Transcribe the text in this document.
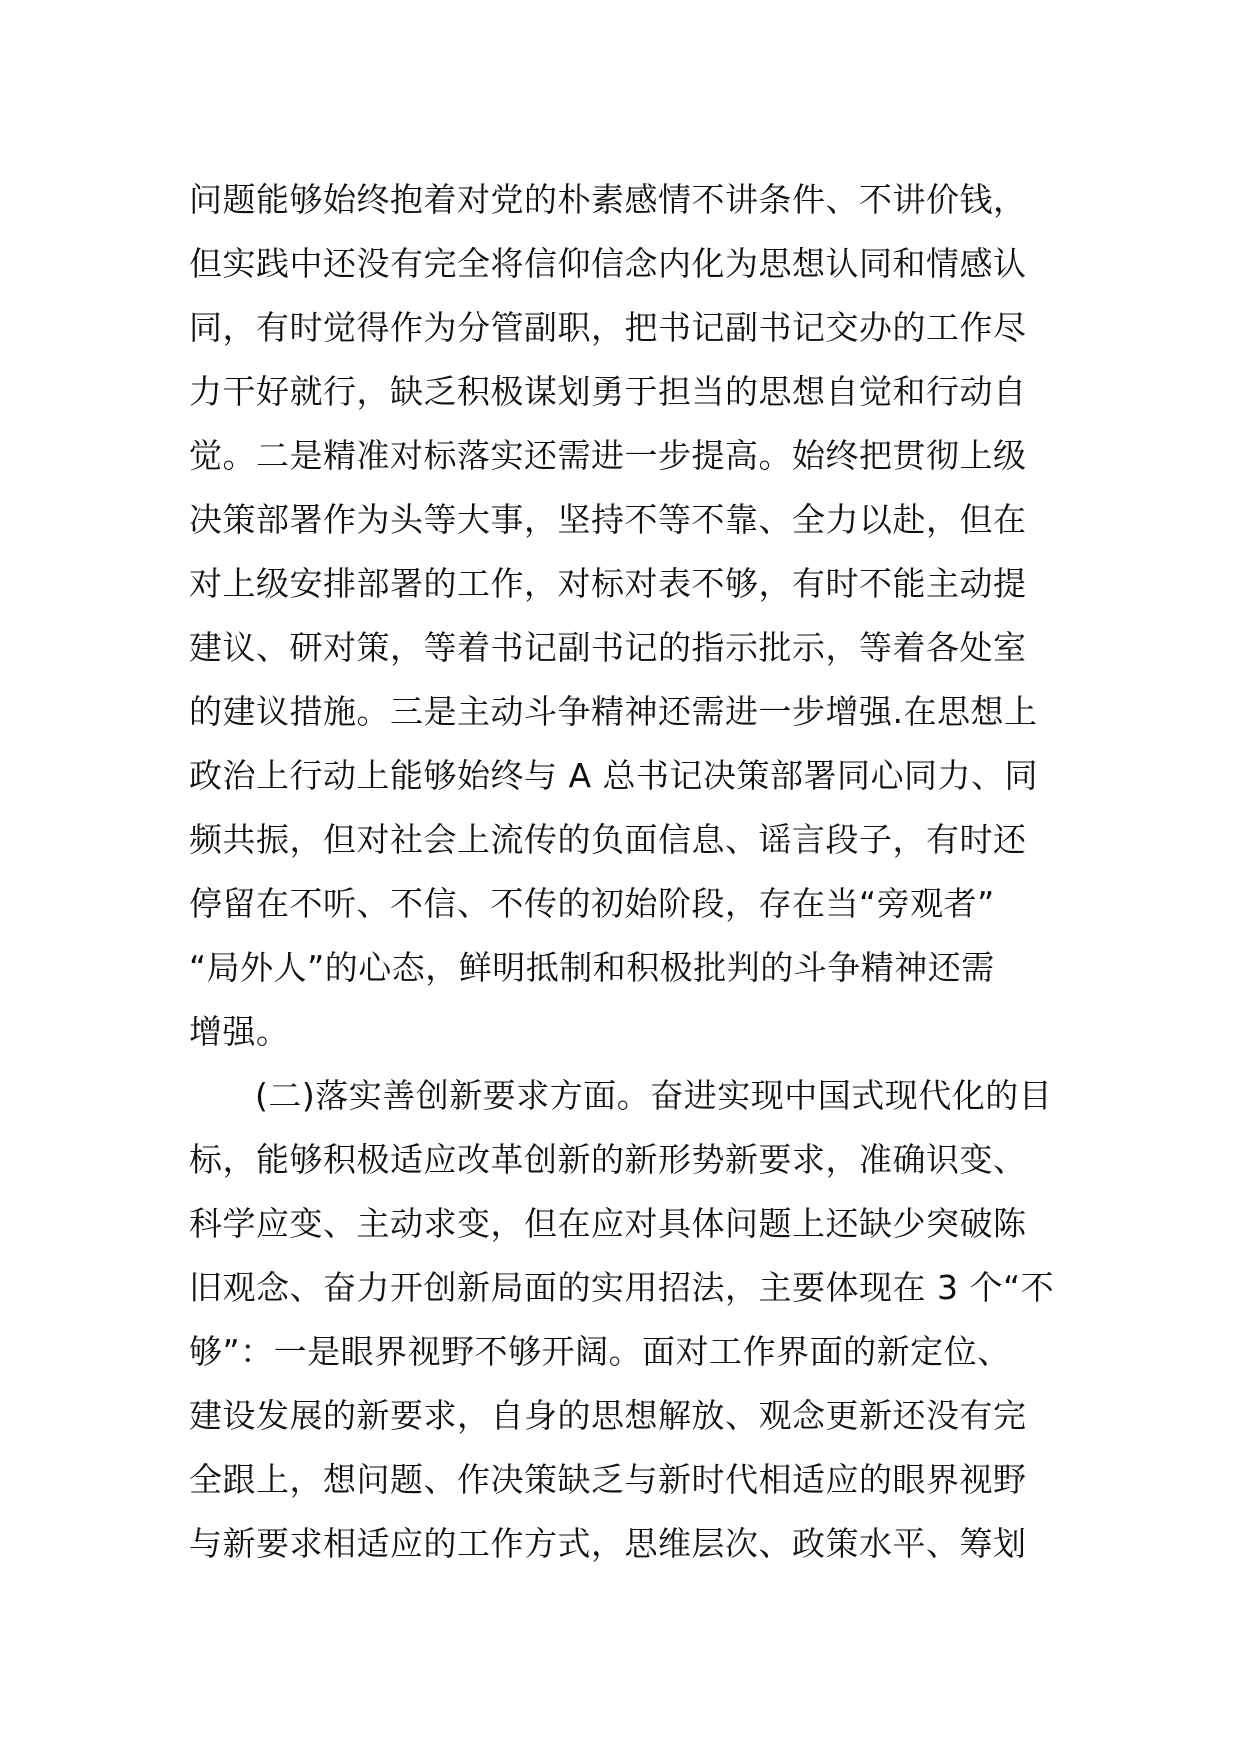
问题能够始终抱着对党的朴素感情不讲条件、不讲价钱，
但实践中还没有完全将信仰信念内化为思想认同和情感认
同，有时觉得作为分管副职，把书记副书记交办的工作尽
力干好就行，缺乏积极谋划勇于担当的思想自觉和行动自
觉。二是精准对标落实还需进一步提高。始终把贯彻上级
决策部署作为头等大事，坚持不等不靠、全力以赴，但在
对上级安排部署的工作，对标对表不够，有时不能主动提
建议、研对策，等着书记副书记的指示批示，等着各处室
的建议措施。三是主动斗争精神还需进一步增强.在思想上
政治上行动上能够始终与 A 总书记决策部署同心同力、同
频共振，但对社会上流传的负面信息、谣言段子，有时还
停留在不听、不信、不传的初始阶段，存在当“旁观者”
“局外人”的心态，鲜明抵制和积极批判的斗争精神还需
增强。
(二)落实善创新要求方面。奋进实现中国式现代化的目
标，能够积极适应改革创新的新形势新要求，准确识变、
科学应变、主动求变，但在应对具体问题上还缺少突破陈
旧观念、奋力开创新局面的实用招法，主要体现在 3 个“不
够”：一是眼界视野不够开阔。面对工作界面的新定位、
建设发展的新要求，自身的思想解放、观念更新还没有完
全跟上，想问题、作决策缺乏与新时代相适应的眼界视野
与新要求相适应的工作方式，思维层次、政策水平、筹划
